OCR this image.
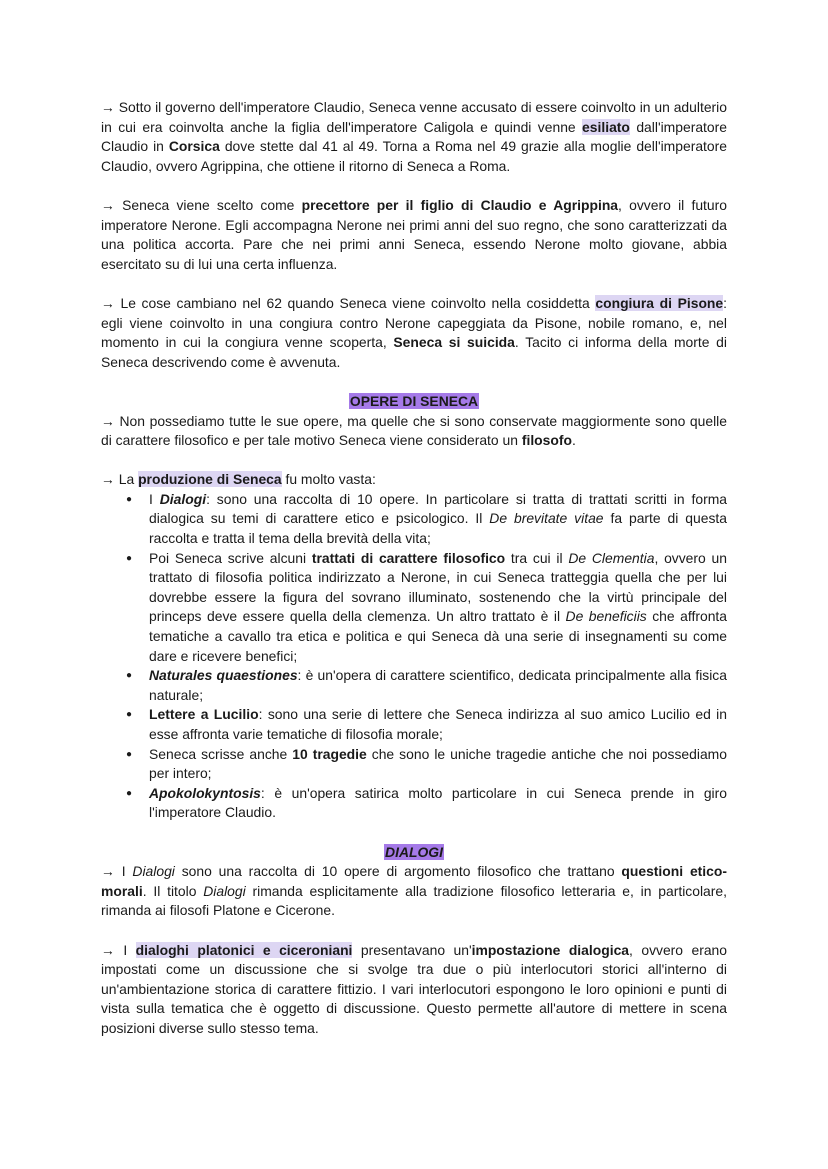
→ Sotto il governo dell'imperatore Claudio, Seneca venne accusato di essere coinvolto in un adulterio in cui era coinvolta anche la figlia dell'imperatore Caligola e quindi venne esiliato dall'imperatore Claudio in Corsica dove stette dal 41 al 49. Torna a Roma nel 49 grazie alla moglie dell'imperatore Claudio, ovvero Agrippina, che ottiene il ritorno di Seneca a Roma.

→ Seneca viene scelto come precettore per il figlio di Claudio e Agrippina, ovvero il futuro imperatore Nerone. Egli accompagna Nerone nei primi anni del suo regno, che sono caratterizzati da una politica accorta. Pare che nei primi anni Seneca, essendo Nerone molto giovane, abbia esercitato su di lui una certa influenza.

→ Le cose cambiano nel 62 quando Seneca viene coinvolto nella cosiddetta congiura di Pisone: egli viene coinvolto in una congiura contro Nerone capeggiata da Pisone, nobile romano, e, nel momento in cui la congiura venne scoperta, Seneca si suicida. Tacito ci informa della morte di Seneca descrivendo come è avvenuta.

OPERE DI SENECA

→ Non possediamo tutte le sue opere, ma quelle che si sono conservate maggiormente sono quelle di carattere filosofico e per tale motivo Seneca viene considerato un filosofo.

→ La produzione di Seneca fu molto vasta:

● I Dialogi: sono una raccolta di 10 opere. In particolare si tratta di trattati scritti in forma dialogica su temi di carattere etico e psicologico. Il De brevitate vitae fa parte di questa raccolta e tratta il tema della brevità della vita;
● Poi Seneca scrive alcuni trattati di carattere filosofico tra cui il De Clementia, ovvero un trattato di filosofia politica indirizzato a Nerone, in cui Seneca tratteggia quella che per lui dovrebbe essere la figura del sovrano illuminato, sostenendo che la virtù principale del princeps deve essere quella della clemenza. Un altro trattato è il De beneficiis che affronta tematiche a cavallo tra etica e politica e qui Seneca dà una serie di insegnamenti su come dare e ricevere benefici;
● Naturales quaestiones: è un'opera di carattere scientifico, dedicata principalmente alla fisica naturale;
● Lettere a Lucilio: sono una serie di lettere che Seneca indirizza al suo amico Lucilio ed in esse affronta varie tematiche di filosofia morale;
● Seneca scrisse anche 10 tragedie che sono le uniche tragedie antiche che noi possediamo per intero;
● Apokolokyntosis: è un'opera satirica molto particolare in cui Seneca prende in giro l'imperatore Claudio.
DIALOGI

→ I Dialogi sono una raccolta di 10 opere di argomento filosofico che trattano questioni etico-morali. Il titolo Dialogi rimanda esplicitamente alla tradizione filosofico letteraria e, in particolare, rimanda ai filosofi Platone e Cicerone.

→ I dialoghi platonici e ciceroniani presentavano un'impostazione dialogica, ovvero erano impostati come un discussione che si svolge tra due o più interlocutori storici all'interno di un'ambientazione storica di carattere fittizio. I vari interlocutori espongono le loro opinioni e punti di vista sulla tematica che è oggetto di discussione. Questo permette all'autore di mettere in scena posizioni diverse sullo stesso tema.
